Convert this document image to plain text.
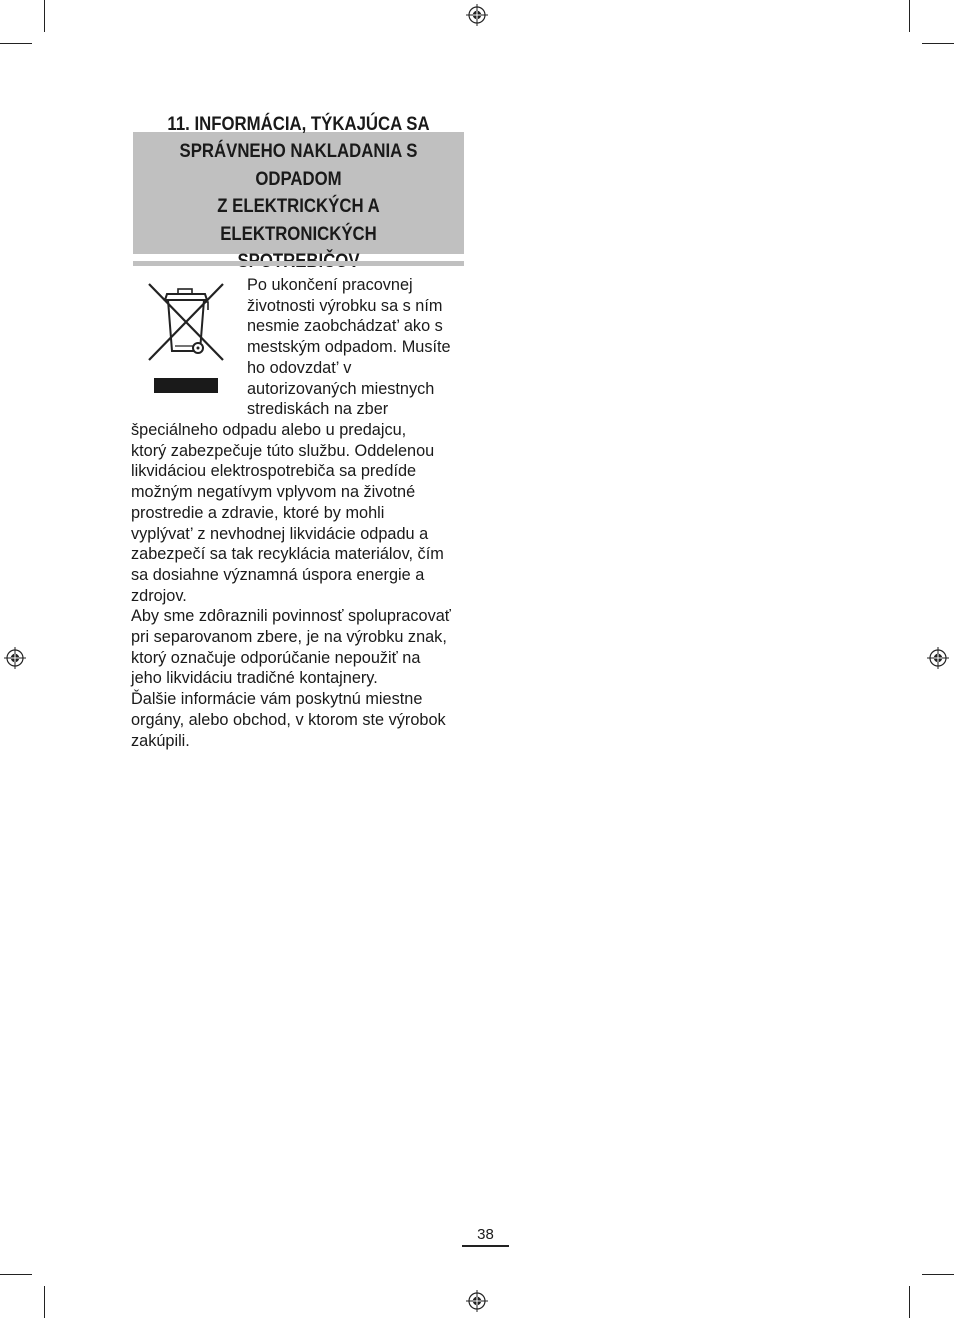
11. INFORMÁCIA, TÝKAJÚCA SA
SPRÁVNEHO NAKLADANIA S ODPADOM
Z ELEKTRICKÝCH A ELEKTRONICKÝCH

Po ukončení pracovnej
životnosti výrobku sa s ním
nesmie zaobchádzat’ ako s
mestským odpadom. Musíte
ho odovzdat’ v
autorizovaných miestnych
strediskách na zber
špeciálneho odpadu alebo u predajcu,
ktorý zabezpečuje túto službu. Oddelenou
likvidáciou elektrospotrebiča sa predíde
možným negatívym vplyvom na životné
prostredie a zdravie, ktoré by mohli
vyplývat’ z nevhodnej likvidácie odpadu a
zabezpečí sa tak recyklácia materiálov, čím
sa dosiahne významná úspora energie a
zdrojov.
Aby sme zdôraznili povinnosť spolupracovať
pri separovanom zbere, je na výrobku znak,
ktorý označuje odporúčanie nepoužiť na
jeho likvidáciu tradičné kontajnery.
Ďalšie informácie vám poskytnú miestne
orgány, alebo obchod, v ktorom ste výrobok
zakúpili.
38
